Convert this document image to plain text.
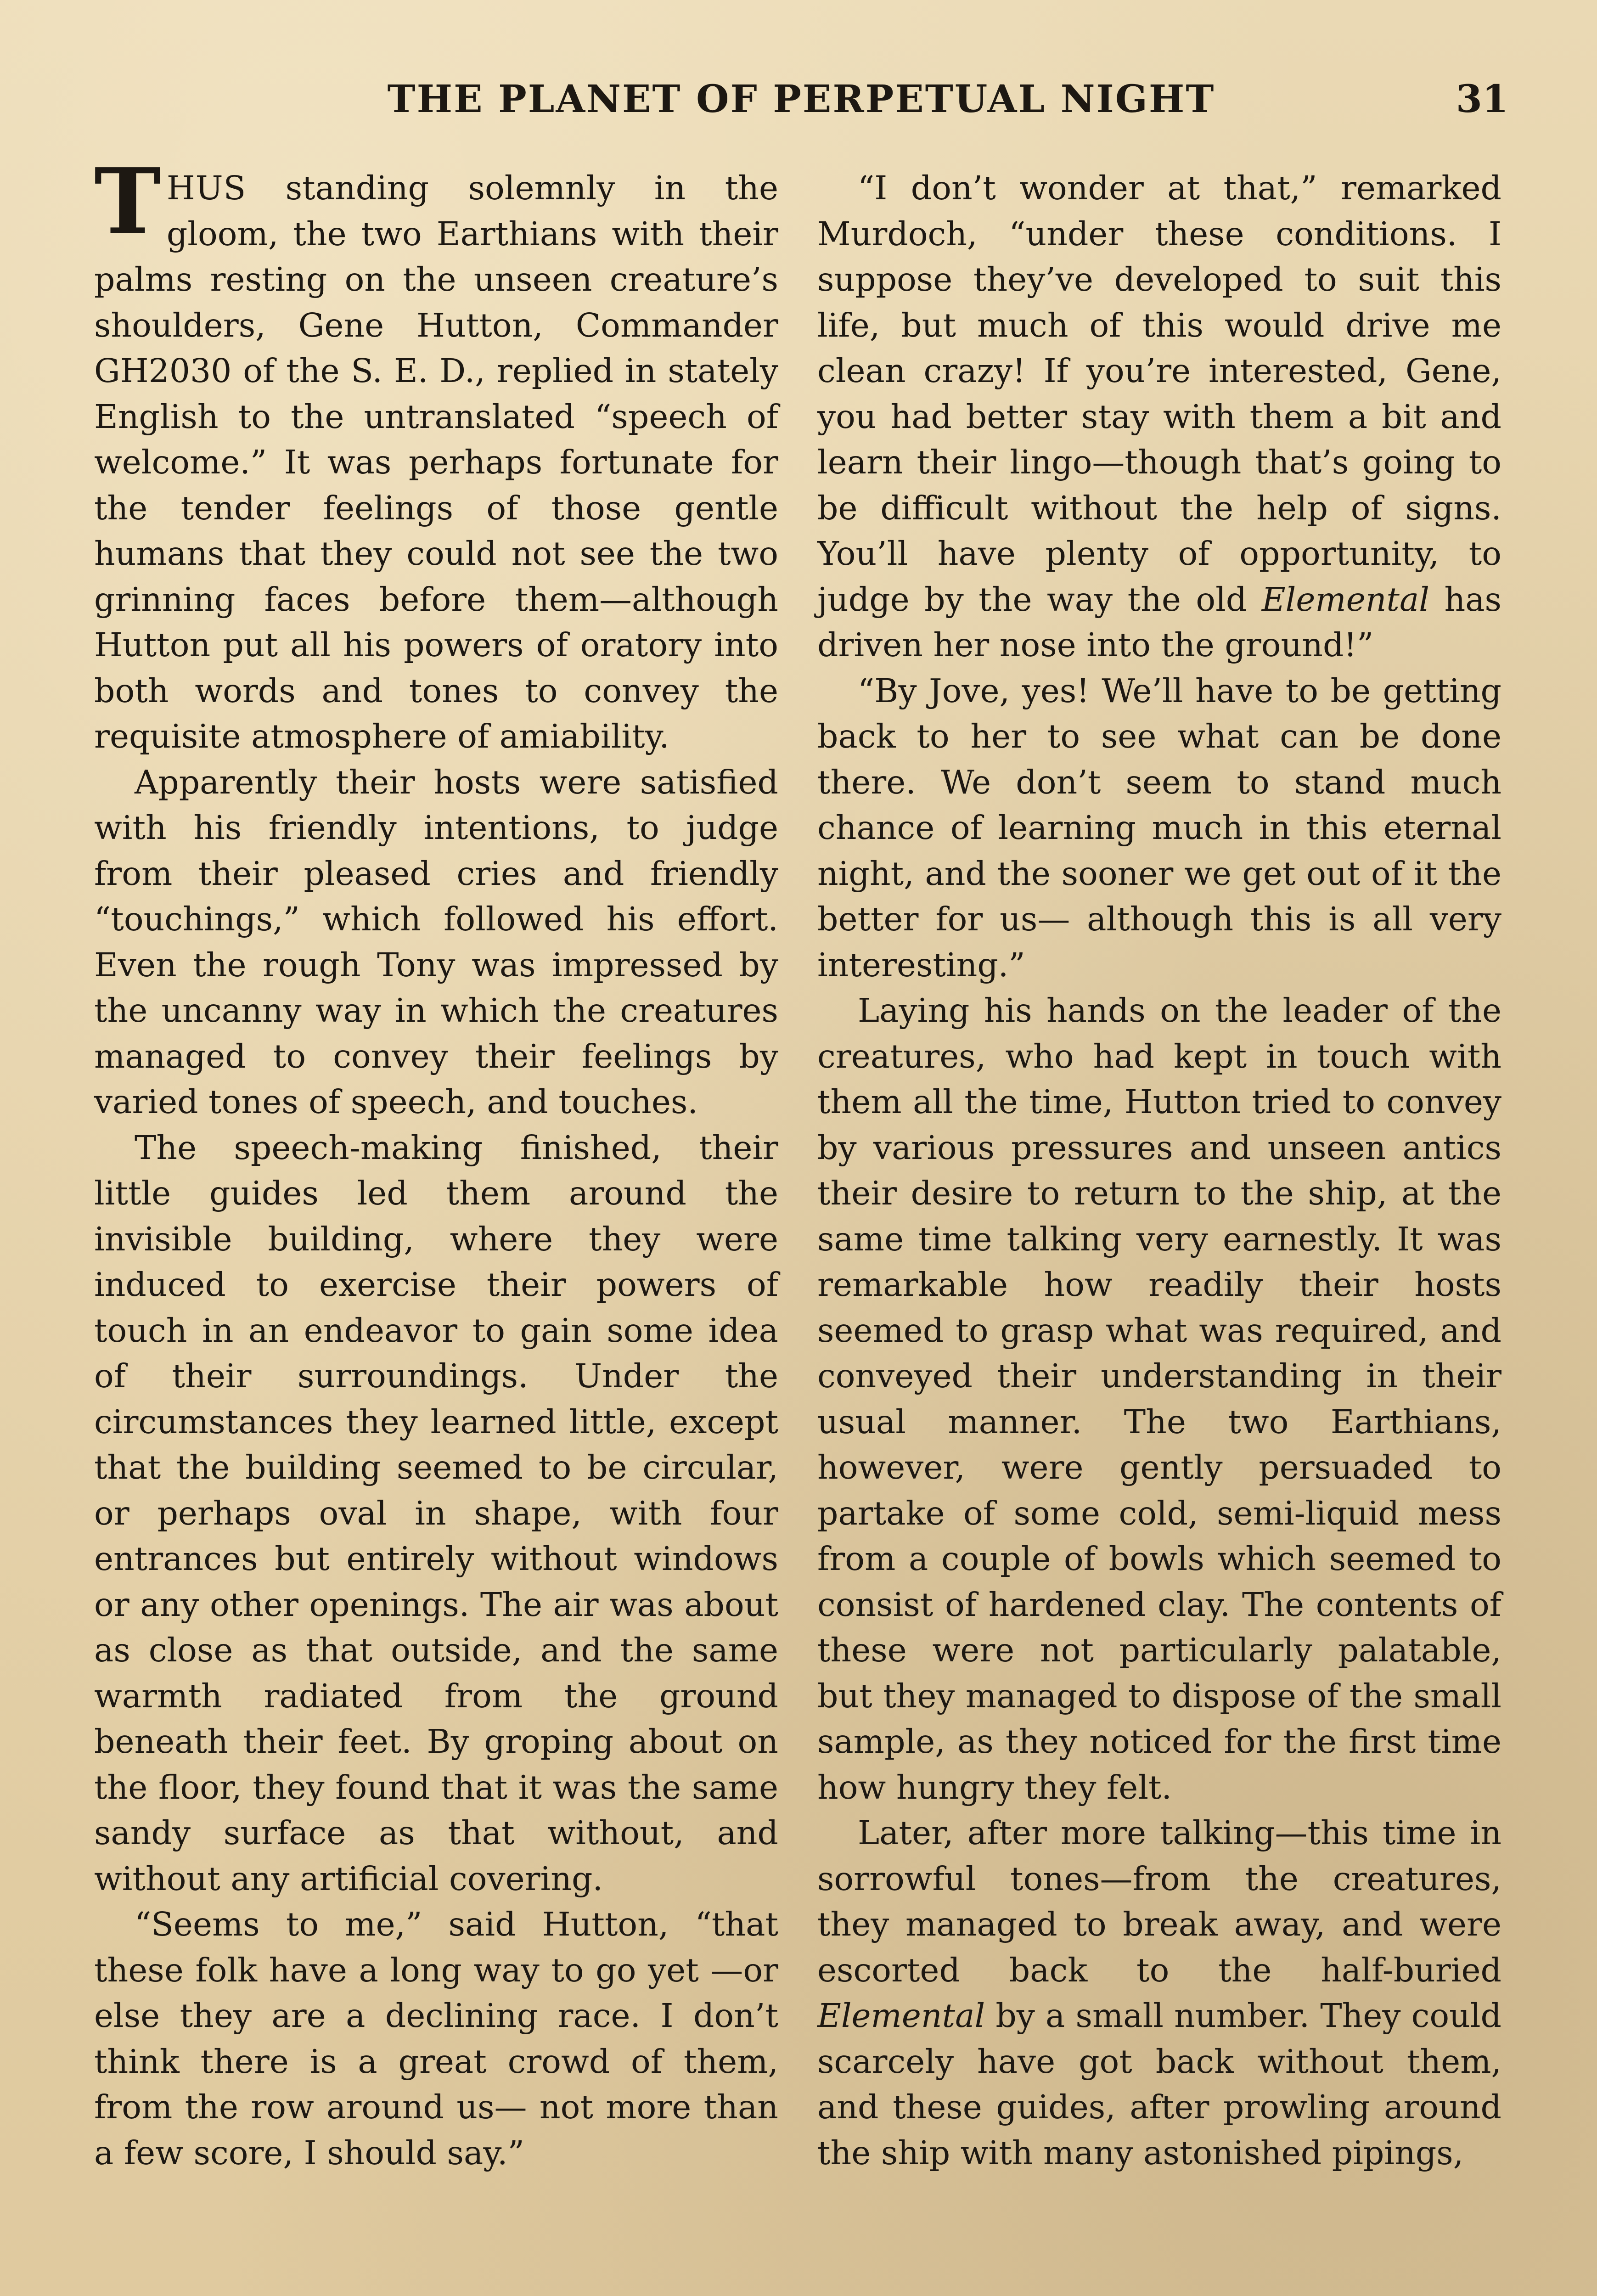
THE PLANET OF PERPETUAL NIGHT	31

THUS standing solemnly in the gloom, the two Earthians with their palms resting on the unseen creature’s shoulders, Gene Hutton, Commander GH2030 of the S. E. D., replied in stately English to the untranslated “speech of welcome.” It was perhaps fortunate for the tender feelings of those gentle humans that they could not see the two grinning faces before them—although Hutton put all his powers of oratory into both words and tones to convey the requisite atmosphere of amiability.

Apparently their hosts were satisfied with his friendly intentions, to judge from their pleased cries and friendly “touchings,” which followed his effort. Even the rough Tony was impressed by the uncanny way in which the creatures managed to convey their feelings by varied tones of speech, and touches.

The speech-making finished, their little guides led them around the invisible building, where they were induced to exercise their powers of touch in an endeavor to gain some idea of their surroundings. Under the circumstances they learned little, except that the building seemed to be circular, or perhaps oval in shape, with four entrances but entirely without windows or any other openings. The air was about as close as that outside, and the same warmth radiated from the ground beneath their feet. By groping about on the floor, they found that it was the same sandy surface as that without, and without any artificial covering.

“Seems to me,” said Hutton, “that these folk have a long way to go yet —or else they are a declining race. I don’t think there is a great crowd of them, from the row around us— not more than a few score, I should say.”

“I don’t wonder at that,” remarked Murdoch, “under these conditions. I suppose they’ve developed to suit this life, but much of this would drive me clean crazy! If you’re interested, Gene, you had better stay with them a bit and learn their lingo—though that’s going to be difficult without the help of signs. You’ll have plenty of opportunity, to judge by the way the old Elemental has driven her nose into the ground!”

“By Jove, yes! We’ll have to be getting back to her to see what can be done there. We don’t seem to stand much chance of learning much in this eternal night, and the sooner we get out of it the better for us— although this is all very interesting.”

Laying his hands on the leader of the creatures, who had kept in touch with them all the time, Hutton tried to convey by various pressures and unseen antics their desire to return to the ship, at the same time talking very earnestly. It was remarkable how readily their hosts seemed to grasp what was required, and conveyed their understanding in their usual manner. The two Earthians, however, were gently persuaded to partake of some cold, semi-liquid mess from a couple of bowls which seemed to consist of hardened clay. The contents of these were not particularly palatable, but they managed to dispose of the small sample, as they noticed for the first time how hungry they felt.

Later, after more talking—this time in sorrowful tones—from the creatures, they managed to break away, and were escorted back to the half-buried Elemental by a small number. They could scarcely have got back without them, and these guides, after prowling around the ship with many astonished pipings,
